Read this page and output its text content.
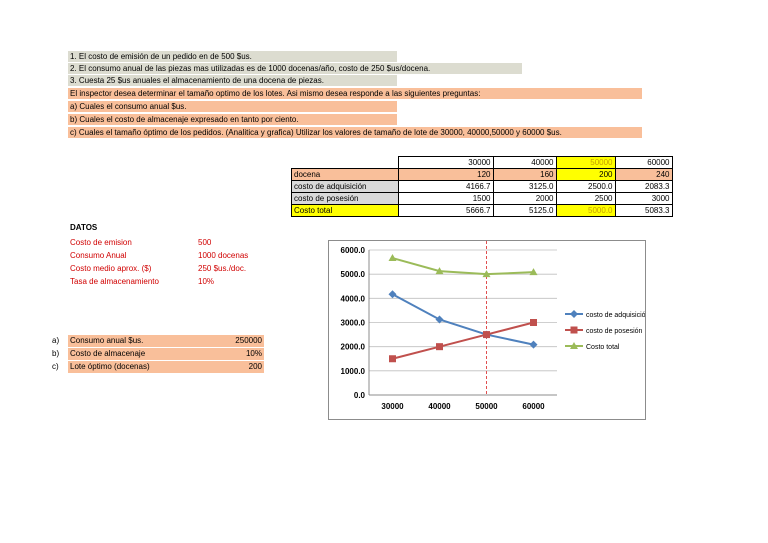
1. El costo de emisión de un pedido en de 500 $us.
2. El consumo anual de las piezas mas utilizadas es de 1000 docenas/año, costo de 250 $us/docena.
3. Cuesta 25 $us anuales el almacenamiento de una docena de piezas.
El inspector desea determinar el tamaño optimo de los lotes. Asi mismo desea responde a las siguientes preguntas:
a) Cuales el consumo anual $us.
b) Cuales el costo de almacenaje expresado en tanto por ciento.
c) Cuales el tamaño óptimo de los pedidos. (Analitica y grafica) Utilizar los valores de tamaño de lote de 30000, 40000,50000 y 60000 $us.
	30000	40000	50000	60000
docena	120	160	200	240
costo de adquisición	4166.7	3125.0	2500.0	2083.3
costo de posesión	1500	2000	2500	3000
Costo total	5666.7	5125.0	5000.0	5083.3
DATOS
Costo de emision	500
Consumo Anual	1000 docenas
Costo medio aprox. ($)	250 $us./doc.
Tasa de almacenamiento	10%
a) Consumo anual $us.	250000
b) Costo de almacenaje	10%
c) Lote óptimo (docenas)	200
0.0
1000.0
2000.0
3000.0
4000.0
5000.0
6000.0
30000	40000	50000	60000
costo de adquisición
costo de posesión
Costo total
